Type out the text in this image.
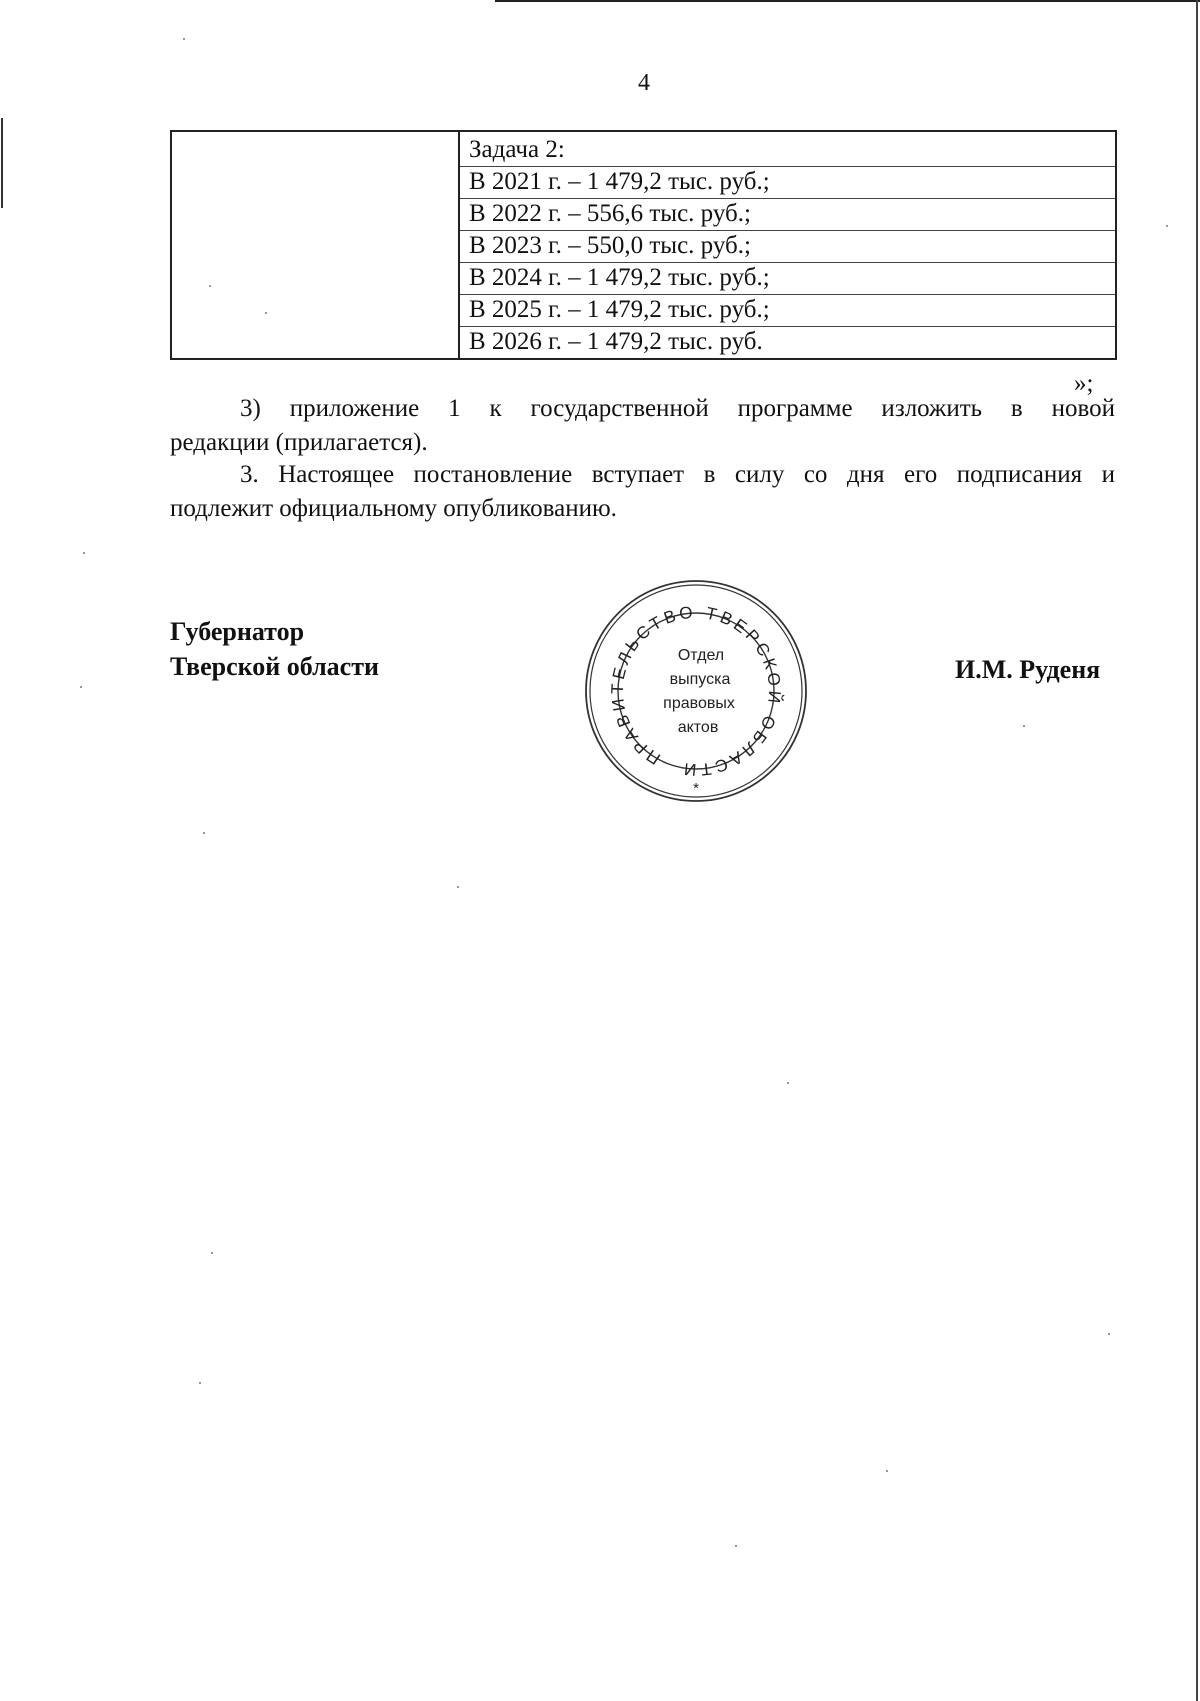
4

Задача 2:
В 2021 г. – 1 479,2 тыс. руб.;
В 2022 г. – 556,6 тыс. руб.;
В 2023 г. – 550,0 тыс. руб.;
В 2024 г. – 1 479,2 тыс. руб.;
В 2025 г. – 1 479,2 тыс. руб.;
В 2026 г. – 1 479,2 тыс. руб.
»;
3) приложение 1 к государственной программе изложить в новой
редакции (прилагается).
3. Настоящее постановление вступает в силу со дня его подписания и
подлежит официальному опубликованию.
Губернатор
Тверской области
ПРАВИТЕЛЬСТВО ТВЕРСКОЙ ОБЛАСТИ
*
Отдел
выпуска
правовых
актов
И.М. Руденя
